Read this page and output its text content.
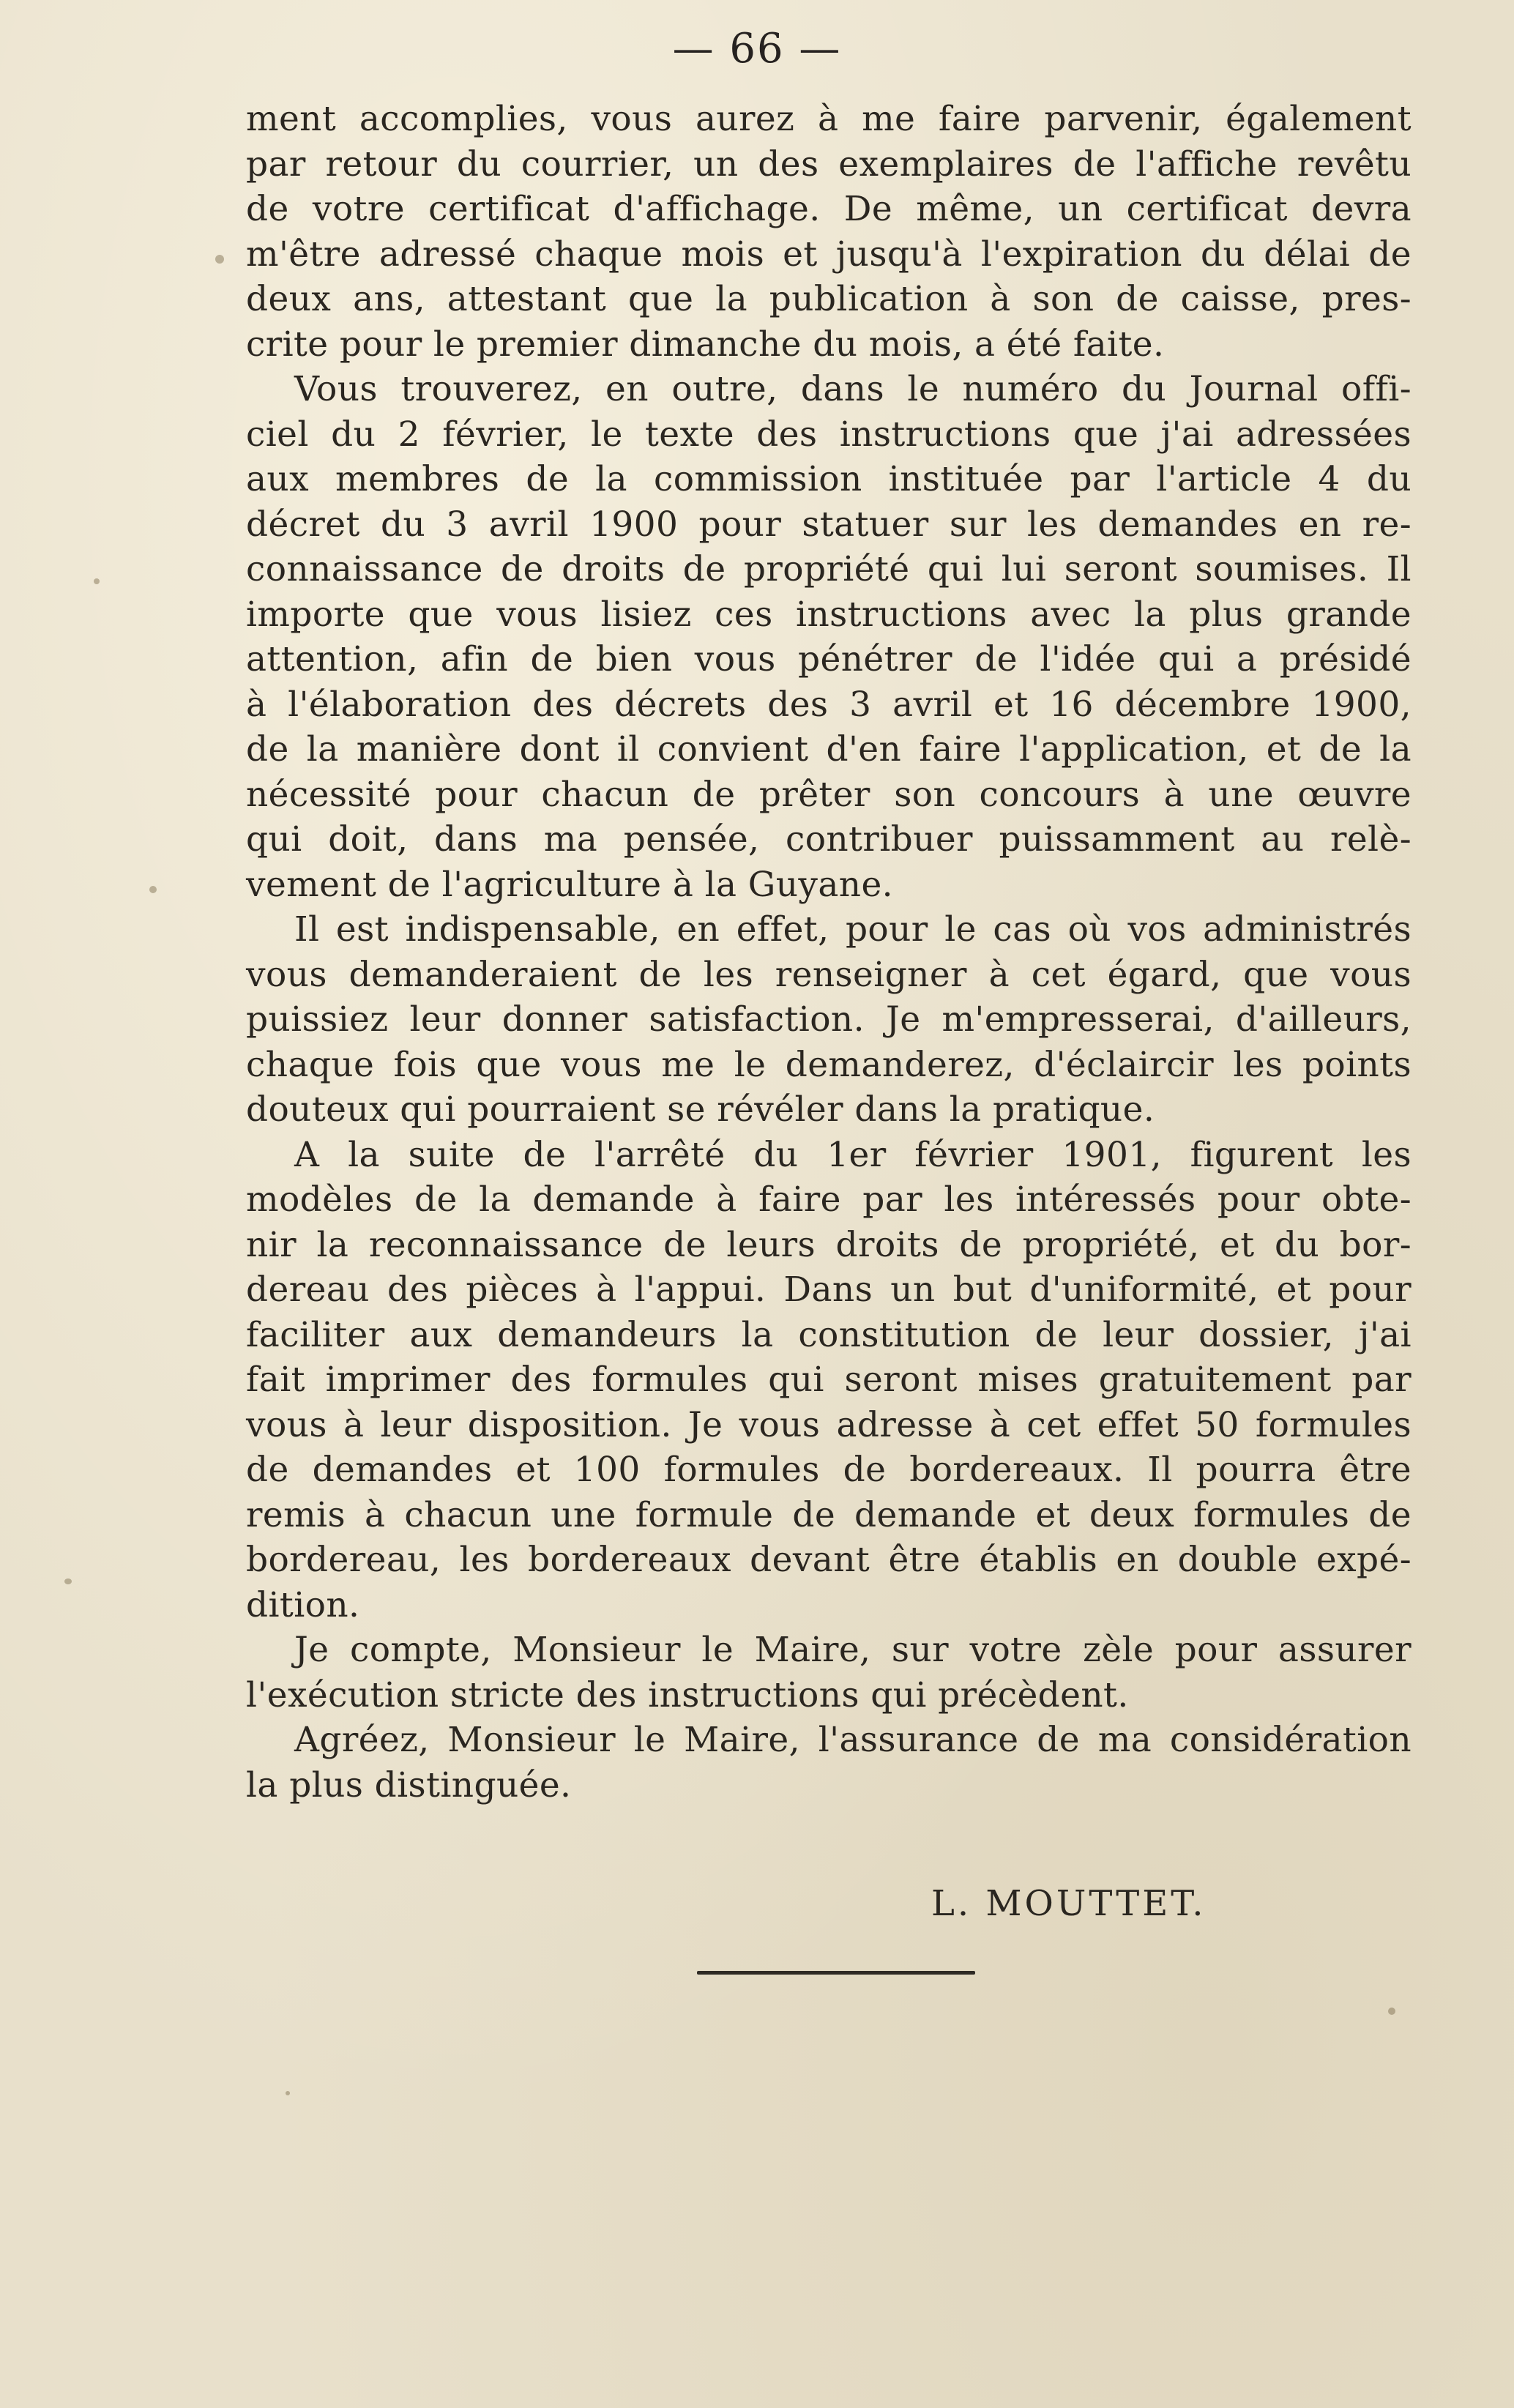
— 66 —
ment accomplies, vous aurez à me faire parvenir, également
par retour du courrier, un des exemplaires de l'affiche revêtu
de votre certificat d'affichage. De même, un certificat devra
m'être adressé chaque mois et jusqu'à l'expiration du délai de
deux ans, attestant que la publication à son de caisse, pres-
crite pour le premier dimanche du mois, a été faite.
Vous trouverez, en outre, dans le numéro du Journal offi-
ciel du 2 février, le texte des instructions que j'ai adressées
aux membres de la commission instituée par l'article 4 du
décret du 3 avril 1900 pour statuer sur les demandes en re-
connaissance de droits de propriété qui lui seront soumises. Il
importe que vous lisiez ces instructions avec la plus grande
attention, afin de bien vous pénétrer de l'idée qui a présidé
à l'élaboration des décrets des 3 avril et 16 décembre 1900,
de la manière dont il convient d'en faire l'application, et de la
nécessité pour chacun de prêter son concours à une œuvre
qui doit, dans ma pensée, contribuer puissamment au relè-
vement de l'agriculture à la Guyane.
Il est indispensable, en effet, pour le cas où vos administrés
vous demanderaient de les renseigner à cet égard, que vous
puissiez leur donner satisfaction. Je m'empresserai, d'ailleurs,
chaque fois que vous me le demanderez, d'éclaircir les points
douteux qui pourraient se révéler dans la pratique.
A la suite de l'arrêté du 1er février 1901, figurent les
modèles de la demande à faire par les intéressés pour obte-
nir la reconnaissance de leurs droits de propriété, et du bor-
dereau des pièces à l'appui. Dans un but d'uniformité, et pour
faciliter aux demandeurs la constitution de leur dossier, j'ai
fait imprimer des formules qui seront mises gratuitement par
vous à leur disposition. Je vous adresse à cet effet 50 formules
de demandes et 100 formules de bordereaux. Il pourra être
remis à chacun une formule de demande et deux formules de
bordereau, les bordereaux devant être établis en double expé-
dition.
Je compte, Monsieur le Maire, sur votre zèle pour assurer
l'exécution stricte des instructions qui précèdent.
Agréez, Monsieur le Maire, l'assurance de ma considération
la plus distinguée.
L. MOUTTET.
